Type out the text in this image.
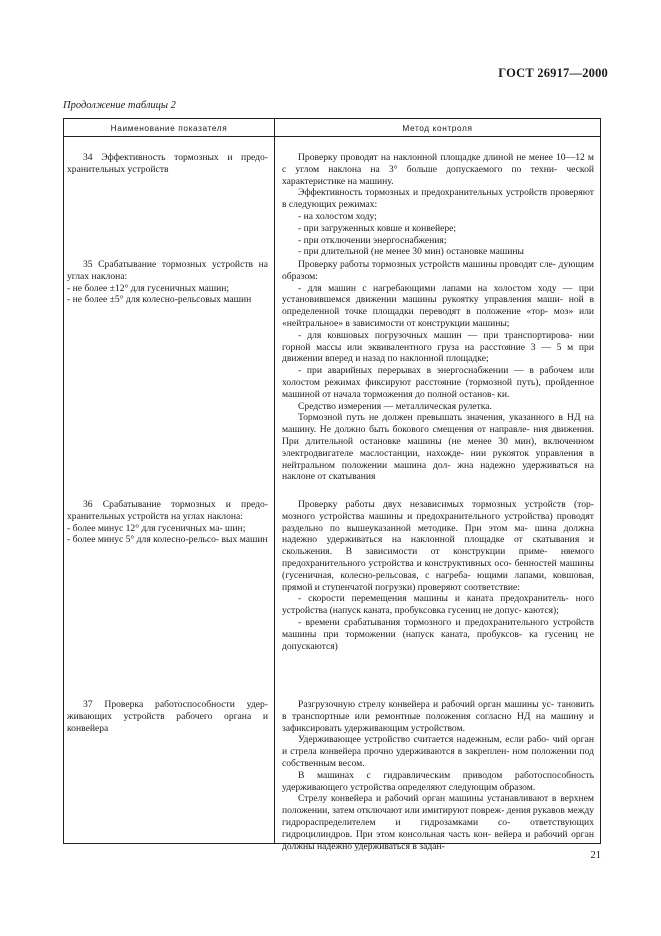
ГОСТ 26917—2000
Продолжение таблицы 2
Наименование показателя	Метод контроля

34 Эффективность тормозных и предо- хранительных устройств

Проверку проводят на наклонной площадке длиной не менее 10—12 м с углом наклона на 3° больше допускаемого по техни- ческой характеристике на машину.

Эффективность тормозных и предохранительных устройств проверяют в следующих режимах:

- на холостом ходу;

- при загруженных ковше и конвейере;

- при отключении энергоснабжения;

- при длительной (не менее 30 мин) остановке машины

35 Срабатывание тормозных устройств на углах наклона:

- не более ±12° для гусеничных машин;

- не более ±5° для колесно-рельсовых машин

Проверку работы тормозных устройств машины проводят сле- дующим образом:

- для машин с нагребающими лапами на холостом ходу — при установившемся движении машины рукоятку управления маши- ной в определенной точке площадки переводят в положение «тор- моз» или «нейтральное» в зависимости от конструкции машины;

- для ковшовых погрузочных машин — при транспортирова- нии горной массы или эквивалентного груза на расстояние 3 — 5 м при движении вперед и назад по наклонной площадке;

- при аварийных перерывах в энергоснабжении — в рабочем или холостом режимах фиксируют расстояние (тормозной путь), пройденное машиной от начала торможения до полной останов- ки.

Средство измерения — металлическая рулетка.

Тормозной путь не должен превышать значения, указанного в НД на машину. Не должно быть бокового смещения от направле- ния движения. При длительной остановке машины (не менее 30 мин), включенном электродвигателе маслостанции, нахожде- нии рукояток управления в нейтральном положении машина дол- жна надежно удерживаться на наклоне от скатывания

36 Срабатывание тормозных и предо- хранительных устройств на углах наклона:

- более минус 12° для гусеничных ма- шин;

- более минус 5° для колесно-рельсо- вых машин

Проверку работы двух независимых тормозных устройств (тор- мозного устройства машины и предохранительного устройства) проводят раздельно по вышеуказанной методике. При этом ма- шина должна надежно удерживаться на наклонной площадке от скатывания и скольжения. В зависимости от конструкции приме- няемого предохранительного устройства и конструктивных осо- бенностей машины (гусеничная, колесно-рельсовая, с нагреба- ющими лапами, ковшовая, прямой и ступенчатой погрузки) проверяют соответствие:

- скорости перемещения машины и каната предохранитель- ного устройства (напуск каната, пробуксовка гусениц не допус- каются);

- времени срабатывания тормозного и предохранительного устройств машины при торможении (напуск каната, пробуксов- ка гусениц не допускаются)

37 Проверка работоспособности удер- живающих устройств рабочего органа и конвейера

Разгрузочную стрелу конвейера и рабочий орган машины ус- тановить в транспортные или ремонтные положения согласно НД на машину и зафиксировать удерживающим устройством.

Удерживающее устройство считается надежным, если рабо- чий орган и стрела конвейера прочно удерживаются в закреплен- ном положении под собственным весом.

В машинах с гидравлическим приводом работоспособность удерживающего устройства определяют следующим образом.

Стрелу конвейера и рабочий орган машины устанавливают в верхнем положении, затем отключают или имитируют повреж- дения рукавов между гидрораспределителем и гидрозамками со- ответствующих гидроцилиндров. При этом консольная часть кон- вейера и рабочий орган должны надежно удерживаться в задан-

21
